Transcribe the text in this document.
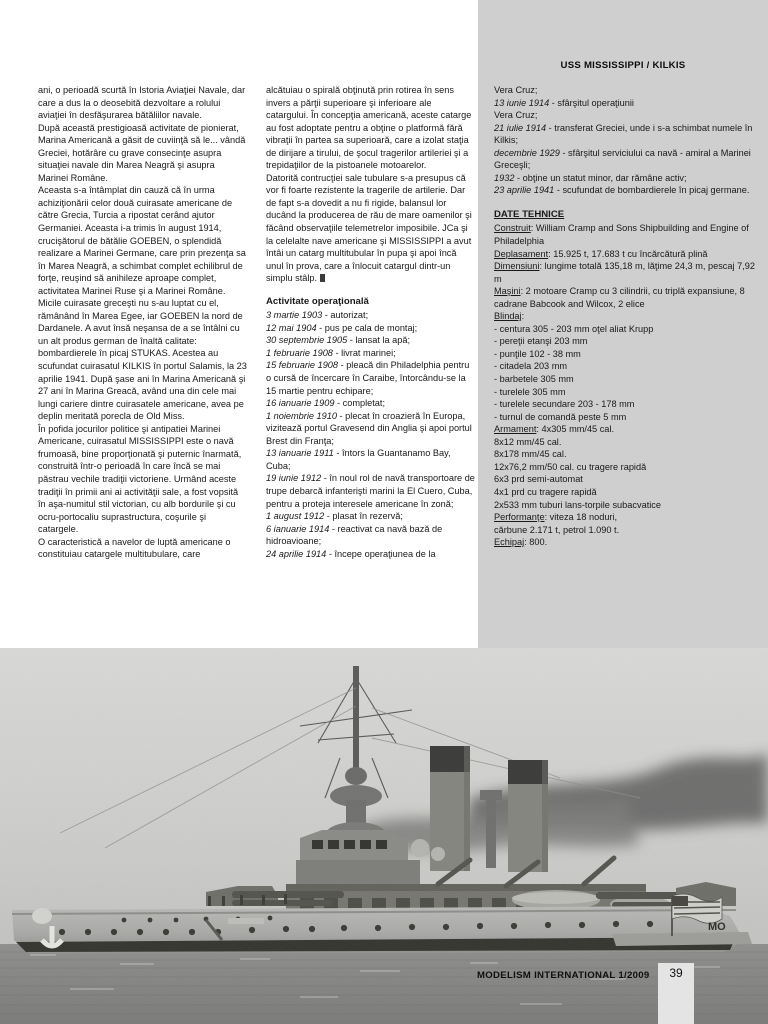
USS MISSISSIPPI / KILKIS

ani, o perioadă scurtă în Istoria Aviaţiei Navale, dar care a dus la o deosebită dezvoltare a rolului aviaţiei în desfăşurarea bătăliilor navale.

După această prestigioasă activitate de pionierat, Marina Americană a găsit de cuviinţă să le... vândă Greciei, hotărâre cu grave consecinţe asupra situaţiei navale din Marea Neagră şi asupra Marinei Române.

Aceasta s-a întâmplat din cauză că în urma achiziţionării celor două cuirasate americane de către Grecia, Turcia a ripostat cerând ajutor Germaniei. Aceasta i-a trimis în august 1914, crucişătorul de bătălie GOEBEN, o splendidă realizare a Marinei Germane, care prin prezenţa sa în Marea Neagră, a schimbat complet echilibrul de forţe, reuşind să anihileze aproape complet, activitatea Marinei Ruse şi a Marinei Române.

Micile cuirasate greceşti nu s-au luptat cu el, rămânând în Marea Egee, iar GOEBEN la nord de Dardanele. A avut însă neşansa de a se întâlni cu un alt produs german de înaltă calitate: bombardierele în picaj STUKAS. Acestea au scufundat cuirasatul KILKIS în portul Salamis, la 23 aprilie 1941. După şase ani în Marina Americană şi 27 ani în Marina Greacă, având una din cele mai lungi cariere dintre cuirasatele americane, avea pe deplin meritată porecla de Old Miss.

În pofida jocurilor politice şi antipatiei Marinei Americane, cuirasatul MISSISSIPPI este o navă frumoasă, bine proporţionată şi puternic înarmată, construită într-o perioadă în care încă se mai păstrau vechile tradiţii victoriene. Urmând aceste tradiţii în primii ani ai activităţii sale, a fost vopsită în aşa-numitul stil victorian, cu alb bordurile şi cu ocru-portocaliu suprastructura, coşurile şi catargele.

O caracteristică a navelor de luptă americane o constituiau catargele multitubulare, care

alcătuiau o spirală obţinută prin rotirea în sens invers a părţii superioare şi inferioare ale catargului. În concepţia americană, aceste catarge au fost adoptate pentru a obţine o platformă fără vibraţii în partea sa superioară, care a izolat staţia de dirijare a tirului, de şocul tragerilor artileriei şi a trepidaţiilor de la pistoanele motoarelor.

Datorită contrucţiei sale tubulare s-a presupus că vor fi foarte rezistente la tragerile de artilerie. Dar de fapt s-a dovedit a nu fi rigide, balansul lor ducând la producerea de rău de mare oamenilor şi făcând observaţiile telemetrelor imposibile. JCa şi la celelalte nave americane şi MISSISSIPPI a avut întâi un catarg multitubular în pupa şi apoi încă unul în prova, care a înlocuit catargul dintr-un simplu stâlp.

Activitate operaţională

3 martie 1903 - autorizat;

12 mai 1904 - pus pe cala de montaj;

30 septembrie 1905 - lansat la apă;

1 februarie 1908 - livrat marinei;

15 februarie 1908 - pleacă din Philadelphia pentru o cursă de încercare în Caraibe, întorcându-se la 15 martie pentru echipare;

16 ianuarie 1909 - completat;

1 noiembrie 1910 - plecat în croazieră în Europa, vizitează portul Gravesend din Anglia şi apoi portul Brest din Franţa;

13 ianuarie 1911 - întors la Guantanamo Bay, Cuba;

19 iunie 1912 - în noul rol de navă transportoare de trupe debarcă infanterişti marini la El Cuero, Cuba, pentru a proteja interesele americane în zonă;

1 august 1912 - plasat în rezervă;

6 ianuarie 1914 - reactivat ca navă bază de hidroavioane;

24 aprilie 1914 - începe operaţiunea de la

Vera Cruz;

13 iunie 1914 - sfârşitul operaţiunii

Vera Cruz;

21 iulie 1914 - transferat Greciei, unde i s-a schimbat numele în Kilkis;

decembrie 1929 - sfârşitul serviciului ca navă - amiral a Marinei Greceşli;

1932 - obţine un statut minor, dar rămâne activ;

23 aprilie 1941 - scufundat de bombardierele în picaj germane.

DATE TEHNICE

Construit: William Cramp and Sons Shipbuilding and Engine of Philadelphia

Deplasament: 15.925 t, 17.683 t cu încărcătură plină

Dimensiuni: lungime totală 135,18 m, lăţime 24,3 m, pescaj 7,92 m

Maşini: 2 motoare Cramp cu 3 cilindrii, cu triplă expansiune, 8 cadrane Babcook and Wilcox, 2 elice

Blindaj:

- centura 305 - 203 mm oţel aliat Krupp

- pereţii etanşi 203 mm

- punţile 102 - 38 mm

- citadela 203 mm

- barbetele 305 mm

- turelele 305 mm

- turelele secundare 203 - 178 mm

- turnul de comandă peste 5 mm

Armament: 4x305 mm/45 cal.

8x12 mm/45 cal.

8x178 mm/45 cal.

12x76,2 mm/50 cal. cu tragere rapidă

6x3 prd semi-automat

4x1 prd cu tragere rapidă

2x533 mm tuburi lans-torpile subacvatice

Performanţe: viteza 18 noduri,

cărbune 2.171 t, petrol 1.090 t.

Echipaj: 800.

MODELISM INTERNATIONAL 1/2009	39
